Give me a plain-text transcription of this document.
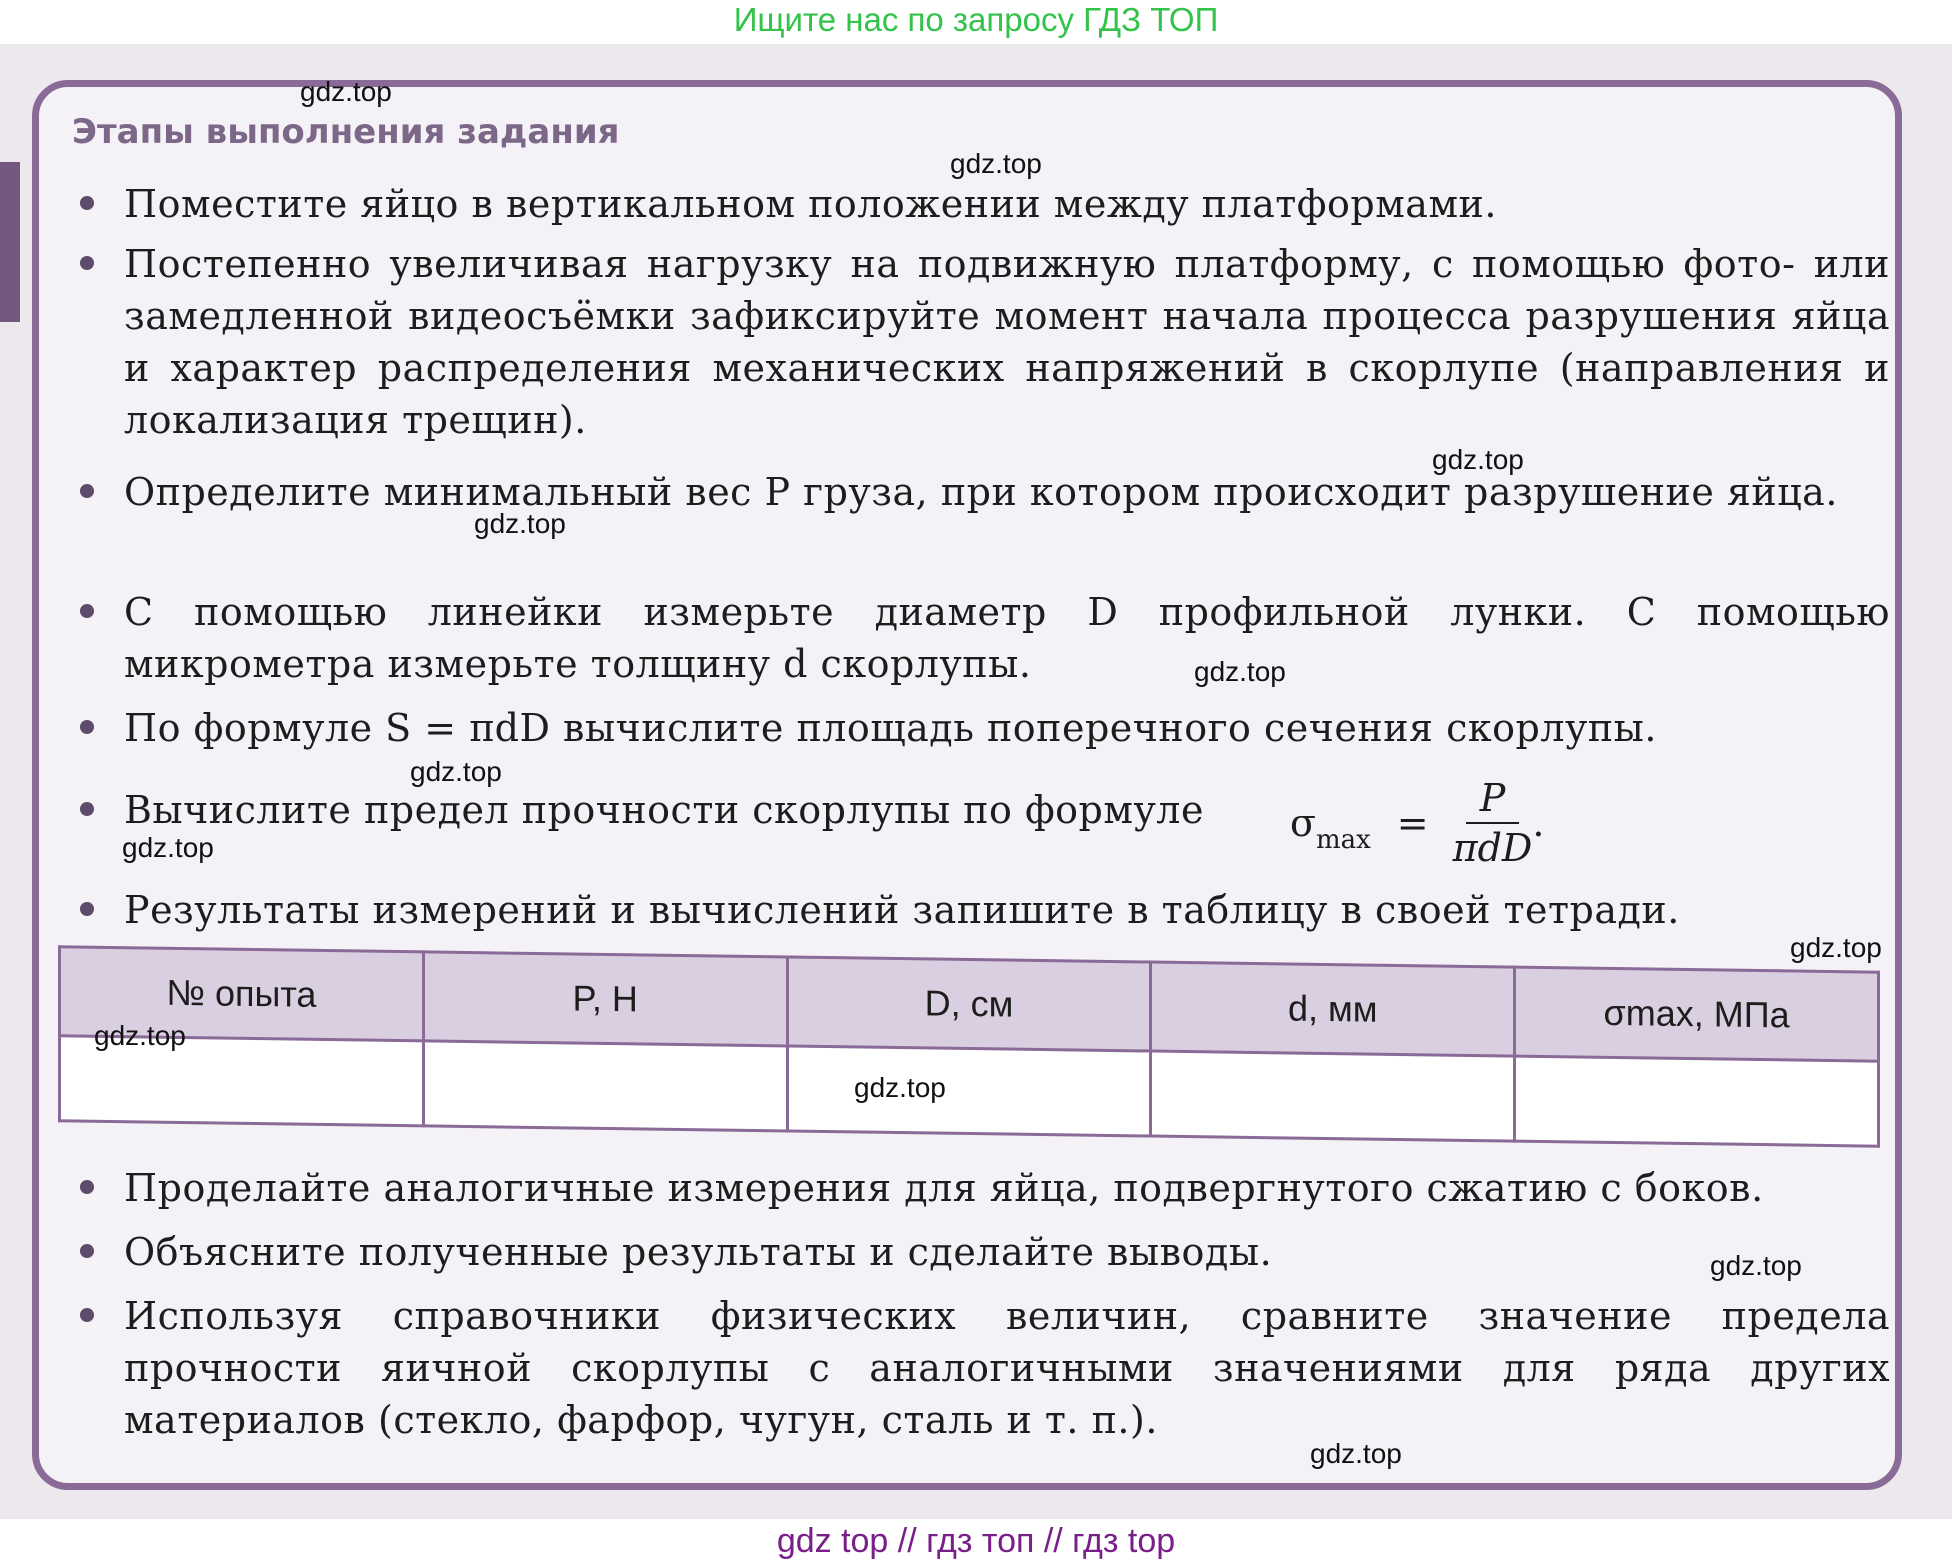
Ищите нас по запросу ГДЗ ТОП
Этапы выполнения задания
Поместите яйцо в вертикальном положении между платформами.
Постепенно увеличивая нагрузку на подвижную платформу, с помощью фото- или замедленной видеосъёмки зафиксируйте момент начала процесса разрушения яйца и характер распределения механических напряжений в скорлупе (направления и локализация трещин).
Определите минимальный вес P груза, при котором происходит разрушение яйца.
С помощью линейки измерьте диаметр D профильной лунки. С помощью микрометра измерьте толщину d скорлупы.
По формуле S = πdD вычислите площадь поперечного сечения скорлупы.
Вычислите предел прочности скорлупы по формуле
Результаты измерений и вычислений запишите в таблицу в своей тетради.
Проделайте аналогичные измерения для яйца, подвергнутого сжатию с боков.
Объясните полученные результаты и сделайте выводы.
Используя справочники физических величин, сравните значение предела прочности яичной скорлупы с аналогичными значениями для ряда других материалов (стекло, фарфор, чугун, сталь и т. п.).
$\sigma_{max} = \frac{P}{\text{πdD}}$ .
№ опыта	P, Н	D, см	d, мм	σmax, МПа

gdz.top
gdz.top
gdz.top
gdz.top
gdz.top
gdz.top
gdz.top
gdz.top
gdz.top
gdz.top
gdz.top
gdz.top
gdz top // гдз топ // гдз top
